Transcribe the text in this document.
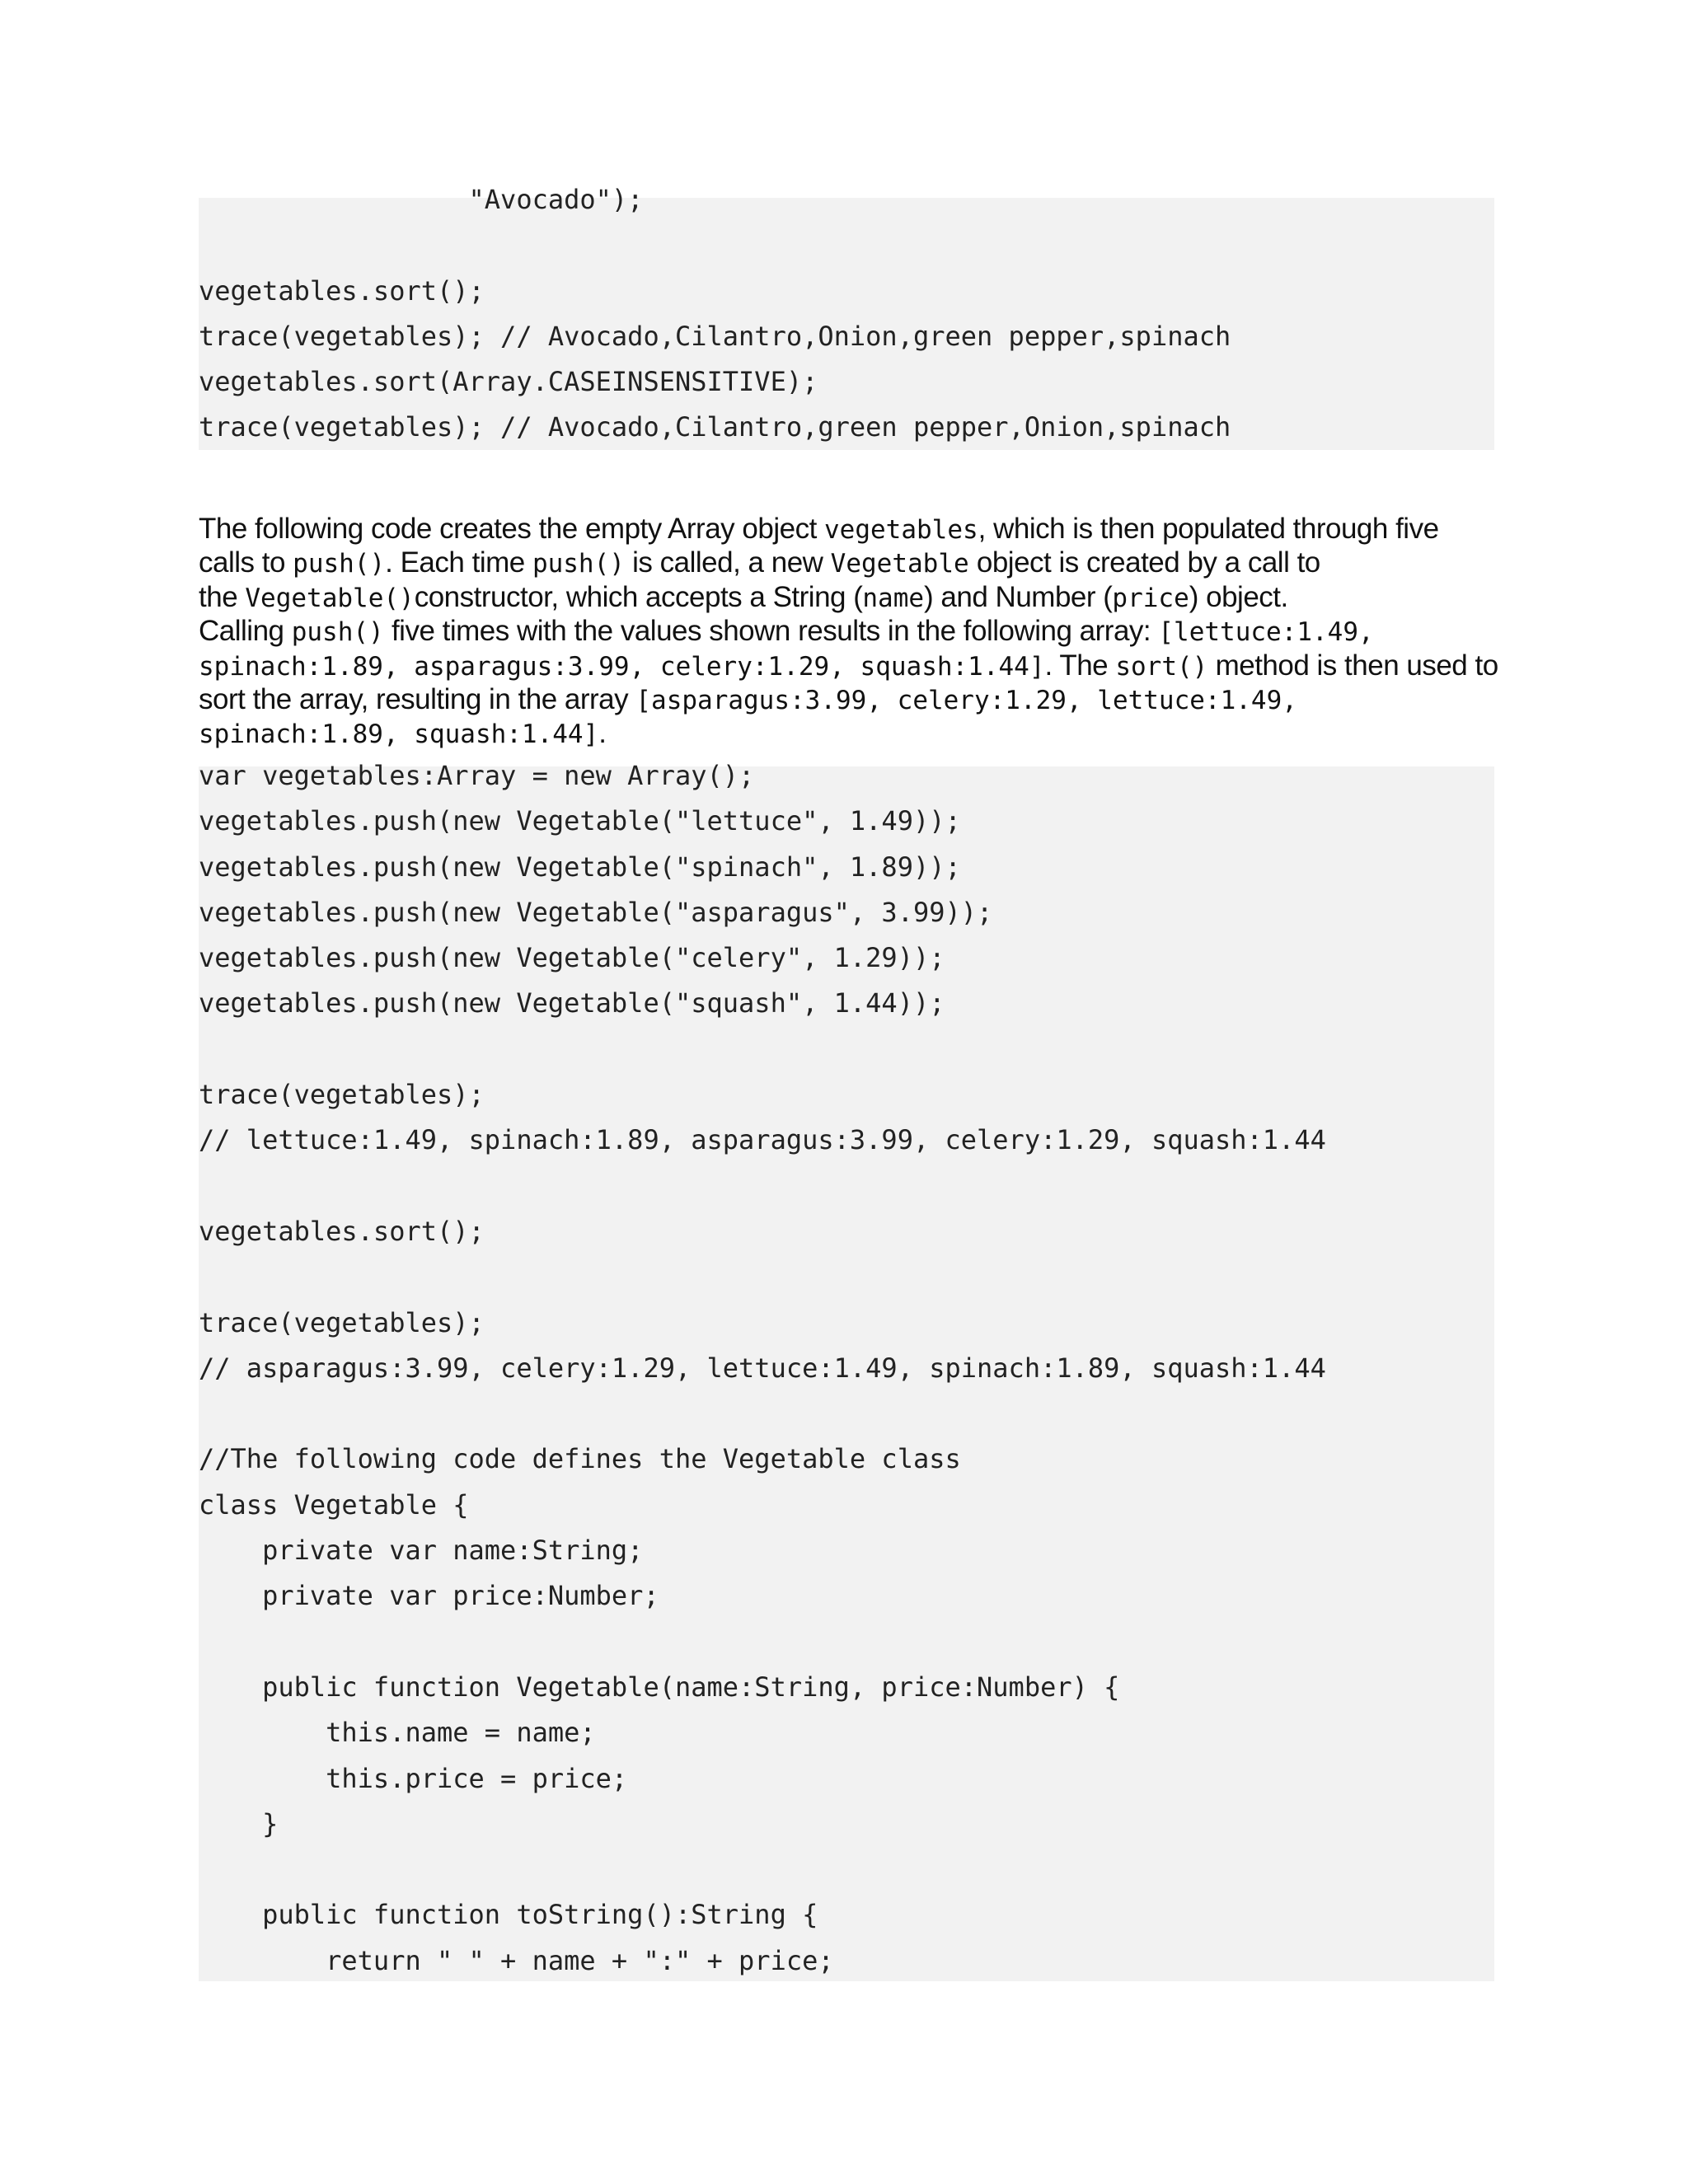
"Avocado");
vegetables.sort();
trace(vegetables); // Avocado,Cilantro,Onion,green pepper,spinach
vegetables.sort(Array.CASEINSENSITIVE);
trace(vegetables); // Avocado,Cilantro,green pepper,Onion,spinach
The following code creates the empty Array object vegetables, which is then populated through five
calls to push(). Each time push() is called, a new Vegetable object is created by a call to
the Vegetable()constructor, which accepts a String (name) and Number (price) object.
Calling push() five times with the values shown results in the following array: [lettuce:1.49,
spinach:1.89, asparagus:3.99, celery:1.29, squash:1.44]. The sort() method is then used to
sort the array, resulting in the array [asparagus:3.99, celery:1.29, lettuce:1.49,
spinach:1.89, squash:1.44].
var vegetables:Array = new Array();
vegetables.push(new Vegetable("lettuce", 1.49));
vegetables.push(new Vegetable("spinach", 1.89));
vegetables.push(new Vegetable("asparagus", 3.99));
vegetables.push(new Vegetable("celery", 1.29));
vegetables.push(new Vegetable("squash", 1.44));
trace(vegetables);
// lettuce:1.49, spinach:1.89, asparagus:3.99, celery:1.29, squash:1.44
vegetables.sort();
trace(vegetables);
// asparagus:3.99, celery:1.29, lettuce:1.49, spinach:1.89, squash:1.44
//The following code defines the Vegetable class
class Vegetable {
private var name:String;
private var price:Number;
public function Vegetable(name:String, price:Number) {
this.name = name;
this.price = price;
}
public function toString():String {
return " " + name + ":" + price;
